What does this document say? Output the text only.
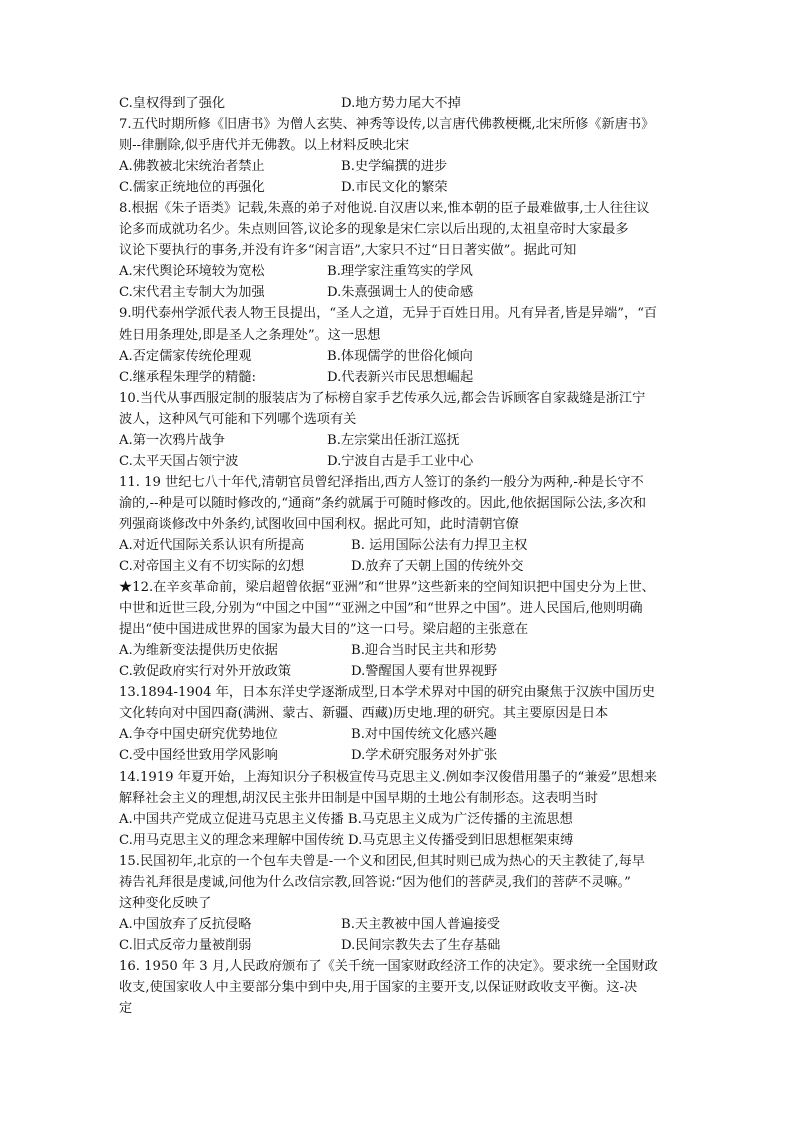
C.皇权得到了强化	D.地方势力尾大不掉
7.五代时期所修《旧唐书》为僧人玄奘、神秀等设传,以言唐代佛教梗概,北宋所修《新唐书》
则--律删除,似乎唐代并无佛教。以上材料反映北宋
A.佛教被北宋统治者禁止	B.史学编撰的进步
C.儒家正统地位的再强化	D.市民文化的繁荣
8.根据《朱子语类》记载,朱熹的弟子对他说.自汉唐以来,惟本朝的臣子最难做事,士人往往议
论多而成就功名少。朱点则回答,议论多的现象是宋仁宗以后出现的,太祖皇帝时大家最多
议论下要执行的事务,并没有许多“闲言语”,大家只不过“日日著实做”。据此可知
A.宋代舆论环境较为宽松	B.理学家注重笃实的学风
C.宋代君主专制大为加强	D.朱熹强调士人的使命感
9.明代泰州学派代表人物王艮提出，“圣人之道，无异于百姓日用。凡有异者,皆是异端”，“百
姓日用条理处,即是圣人之条理处”。这一思想
A.否定儒家传统伦理观	B.体现儒学的世俗化倾向
C.继承程朱理学的精髓:	D.代表新兴市民思想崛起
10.当代从事西服定制的服装店为了标榜自家手艺传承久远,都会告诉顾客自家裁缝是浙江宁
波人，这种风气可能和下列哪个选项有关
A.第一次鸦片战争	B.左宗棠出任浙江巡抚
C.太平天国占领宁波	D.宁波自古是手工业中心
11. 19 世纪七八十年代,清朝官员曾纪泽指出,西方人签订的条约一般分为两种,-种是长守不
渝的,--种是可以随时修改的,“通商”条约就属于可随时修改的。因此,他依据国际公法,多次和
列强商谈修改中外条约,试图收回中国利权。据此可知，此时清朝官僚
A.对近代国际关系认识有所提高	B. 运用国际公法有力捍卫主权
C.对帝国主义有不切实际的幻想	D.放弃了天朝上国的传统外交
★12.在辛亥革命前，梁启超曾依据“亚洲”和“世界”这些新来的空间知识把中国史分为上世、
中世和近世三段,分别为“中国之中国”“亚洲之中国”和“世界之中国”。进人民国后,他则明确
提出“使中国进成世界的国家为最大目的”这一口号。梁启超的主张意在
A.为维新变法提供历史依据	B.迎合当时民主共和形势
C.敦促政府实行对外开放政策	D.警醒国人要有世界视野
13.1894-1904 年，日本东洋史学逐渐成型,日本学术界对中国的研究由聚焦于汉族中国历史
文化转向对中国四裔(满洲、蒙古、新疆、西藏)历史地.理的研究。其主要原因是日本
A.争夺中国史研究优势地位	B.对中国传统文化感兴趣
C.受中国经世致用学风影响	D.学术研究服务对外扩张
14.1919 年夏开始，上海知识分子积极宣传马克思主义.例如李汉俊借用墨子的“兼爱”思想来
解释社会主义的理想,胡汉民主张井田制是中国早期的土地公有制形态。这表明当时
A.中国共产党成立促进马克思主义传播
B.马克思主义成为广泛传播的主流思想
C.用马克思主义的理念来理解中国传统
D.马克思主义传播受到旧思想框架束缚
15.民国初年,北京的一个包车夫曾是-一个义和团民,但其时则已成为热心的天主教徒了,每早
祷告礼拜很是虔诚,问他为什么改信宗教,回答说:“因为他们的菩萨灵,我们的菩萨不灵嘛。”
这种变化反映了
A.中国放弃了反抗侵略	B.天主教被中国人普遍接受
C.旧式反帝力量被削弱	D.民间宗教失去了生存基础
16. 1950 年 3 月,人民政府颁布了《关千统一国家财政经济工作的决定》。要求统一全国财政
收支,使国家收人中主要部分集中到中央,用于国家的主要开支,以保证财政收支平衡。这-决
定
